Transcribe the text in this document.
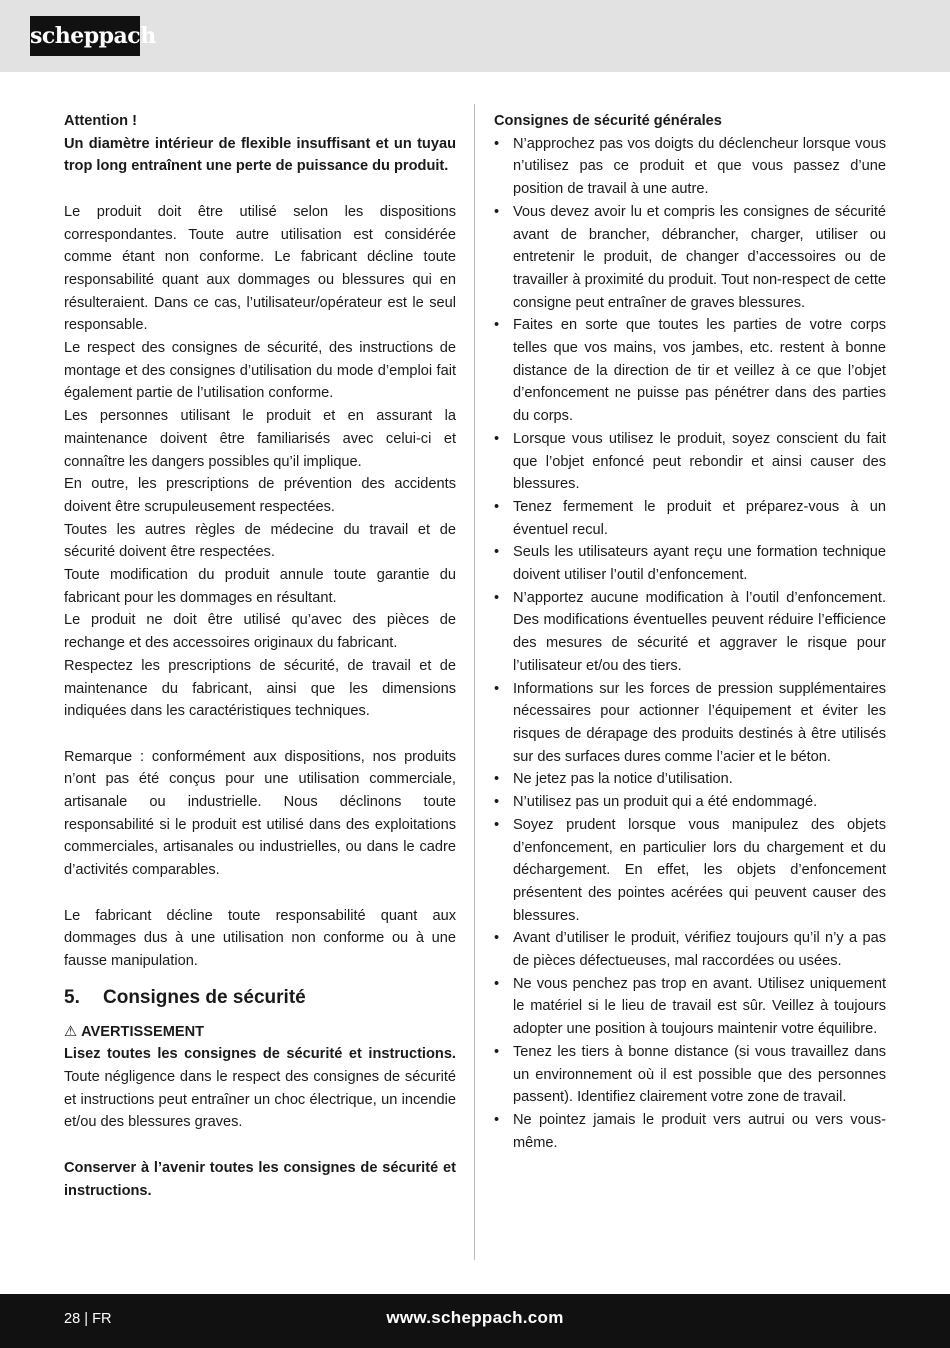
scheppach

Attention !

Un diamètre intérieur de flexible insuffisant et un tuyau trop long entraînent une perte de puissance du produit.

Le produit doit être utilisé selon les dispositions correspondantes. Toute autre utilisation est considérée comme étant non conforme. Le fabricant décline toute responsabilité quant aux dommages ou blessures qui en résulteraient. Dans ce cas, l’utilisateur/opérateur est le seul responsable.

Le respect des consignes de sécurité, des instructions de montage et des consignes d’utilisation du mode d’emploi fait également partie de l’utilisation conforme.

Les personnes utilisant le produit et en assurant la maintenance doivent être familiarisés avec celui-ci et connaître les dangers possibles qu’il implique.

En outre, les prescriptions de prévention des accidents doivent être scrupuleusement respectées.

Toutes les autres règles de médecine du travail et de sécurité doivent être respectées.

Toute modification du produit annule toute garantie du fabricant pour les dommages en résultant.

Le produit ne doit être utilisé qu’avec des pièces de rechange et des accessoires originaux du fabricant.

Respectez les prescriptions de sécurité, de travail et de maintenance du fabricant, ainsi que les dimensions indiquées dans les caractéristiques techniques.

Remarque : conformément aux dispositions, nos produits n’ont pas été conçus pour une utilisation commerciale, artisanale ou industrielle. Nous déclinons toute responsabilité si le produit est utilisé dans des exploitations commerciales, artisanales ou industrielles, ou dans le cadre d’activités comparables.

Le fabricant décline toute responsabilité quant aux dommages dus à une utilisation non conforme ou à une fausse manipulation.

5. Consignes de sécurité

⚠ AVERTISSEMENT

Lisez toutes les consignes de sécurité et instructions. Toute négligence dans le respect des consignes de sécurité et instructions peut entraîner un choc électrique, un incendie et/ou des blessures graves.

Conserver à l’avenir toutes les consignes de sécurité et instructions.

Consignes de sécurité générales

• N’approchez pas vos doigts du déclencheur lorsque vous n’utilisez pas ce produit et que vous passez d’une position de travail à une autre.
• Vous devez avoir lu et compris les consignes de sécurité avant de brancher, débrancher, charger, utiliser ou entretenir le produit, de changer d’accessoires ou de travailler à proximité du produit. Tout non-respect de cette consigne peut entraîner de graves blessures.
• Faites en sorte que toutes les parties de votre corps telles que vos mains, vos jambes, etc. restent à bonne distance de la direction de tir et veillez à ce que l’objet d’enfoncement ne puisse pas pénétrer dans des parties du corps.
• Lorsque vous utilisez le produit, soyez conscient du fait que l’objet enfoncé peut rebondir et ainsi causer des blessures.
• Tenez fermement le produit et préparez-vous à un éventuel recul.
• Seuls les utilisateurs ayant reçu une formation technique doivent utiliser l’outil d’enfoncement.
• N’apportez aucune modification à l’outil d’enfoncement. Des modifications éventuelles peuvent réduire l’efficience des mesures de sécurité et aggraver le risque pour l’utilisateur et/ou des tiers.
• Informations sur les forces de pression supplémentaires nécessaires pour actionner l’équipement et éviter les risques de dérapage des produits destinés à être utilisés sur des surfaces dures comme l’acier et le béton.
• Ne jetez pas la notice d’utilisation.
• N’utilisez pas un produit qui a été endommagé.
• Soyez prudent lorsque vous manipulez des objets d’enfoncement, en particulier lors du chargement et du déchargement. En effet, les objets d’enfoncement présentent des pointes acérées qui peuvent causer des blessures.
• Avant d’utiliser le produit, vérifiez toujours qu’il n’y a pas de pièces défectueuses, mal raccordées ou usées.
• Ne vous penchez pas trop en avant. Utilisez uniquement le matériel si le lieu de travail est sûr. Veillez à toujours adopter une position à toujours maintenir votre équilibre.
• Tenez les tiers à bonne distance (si vous travaillez dans un environnement où il est possible que des personnes passent). Identifiez clairement votre zone de travail.
• Ne pointez jamais le produit vers autrui ou vers vous-même.
28 | FR	www.scheppach.com
